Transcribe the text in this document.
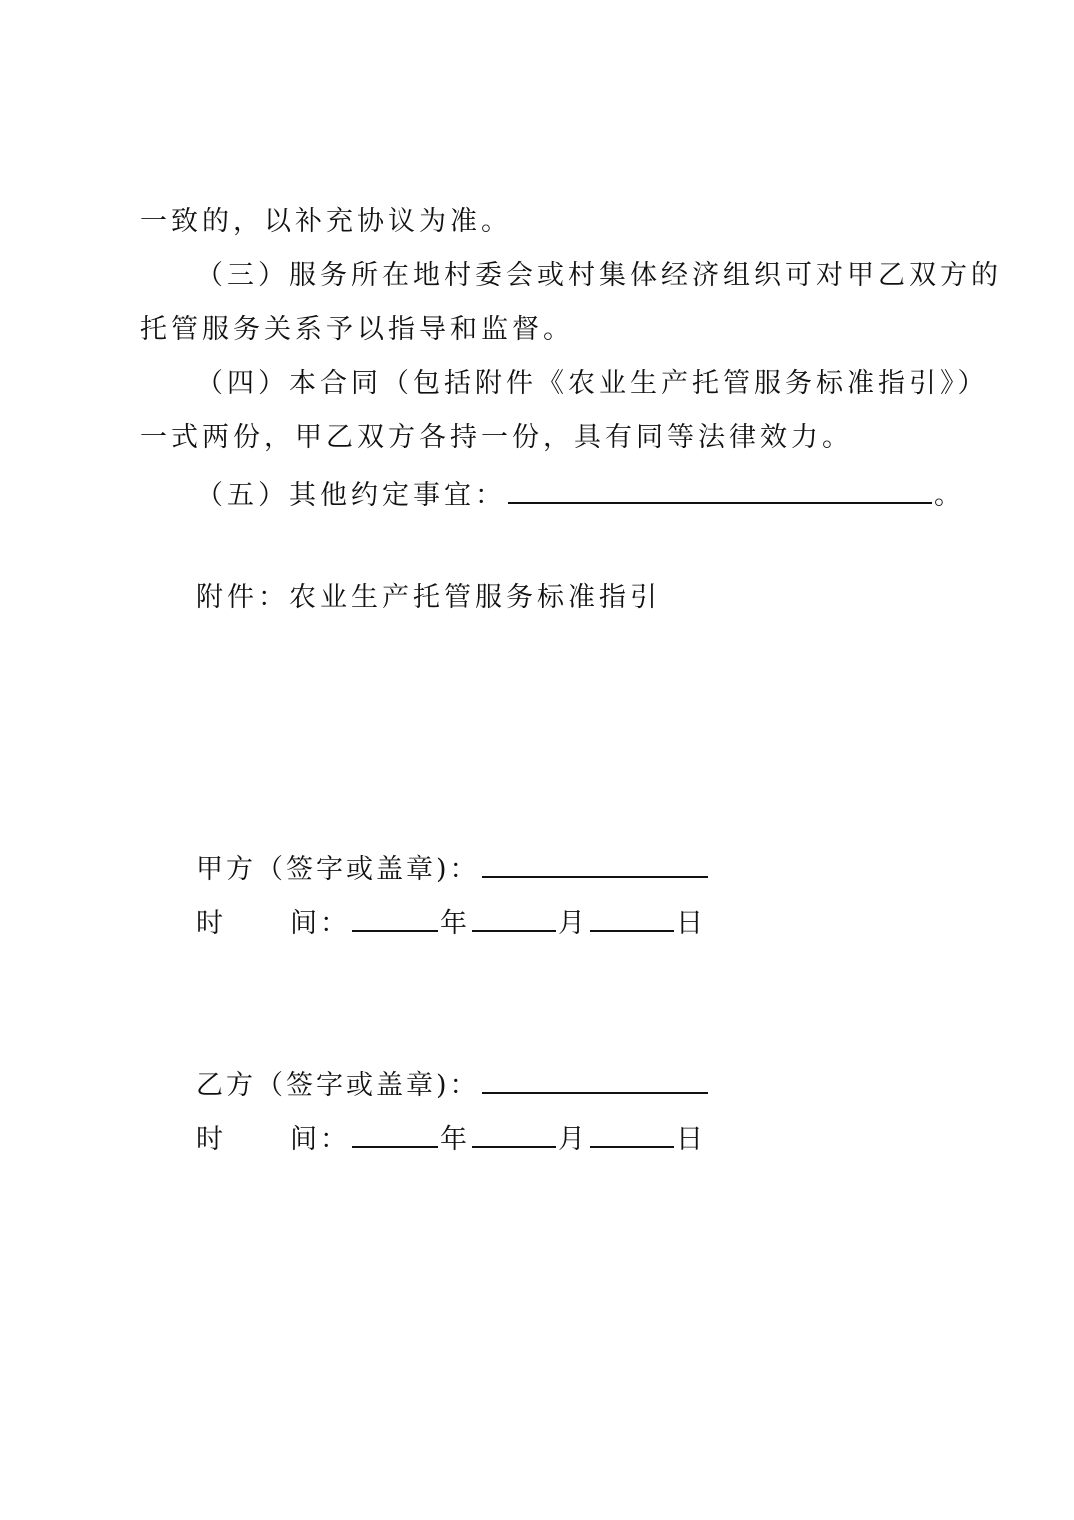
一致的，以补充协议为准。
（三）服务所在地村委会或村集体经济组织可对甲乙双方的
托管服务关系予以指导和监督。
（四）本合同（包括附件《农业生产托管服务标准指引》）
一式两份，甲乙双方各持一份，具有同等法律效力。
（五）其他约定事宜：	。
附件：农业生产托管服务标准指引
甲方（签字或盖章)：
时 间：	年	月	日
乙方（签字或盖章)：
时 间：	年	月	日
